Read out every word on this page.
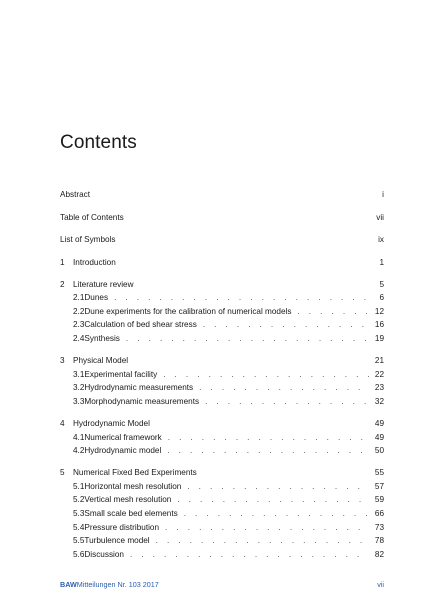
Contents
Abstract	i
Table of Contents	vii
List of Symbols	ix
1	Introduction	1
2	Literature review	5
2.1 Dunes . . .	6
2.2 Dune experiments for the calibration of numerical models . . .	12
2.3 Calculation of bed shear stress . . .	16
2.4 Synthesis . . .	19
3	Physical Model	21
3.1 Experimental facility . . .	22
3.2 Hydrodynamic measurements . . .	23
3.3 Morphodynamic measurements . . .	32
4	Hydrodynamic Model	49
4.1 Numerical framework . . .	49
4.2 Hydrodynamic model . . .	50
5	Numerical Fixed Bed Experiments	55
5.1 Horizontal mesh resolution . . .	57
5.2 Vertical mesh resolution . . .	59
5.3 Small scale bed elements . . .	66
5.4 Pressure distribution . . .	73
5.5 Turbulence model . . .	78
5.6 Discussion . . .	82
BAWMitteilungen Nr. 103 2017	vii
